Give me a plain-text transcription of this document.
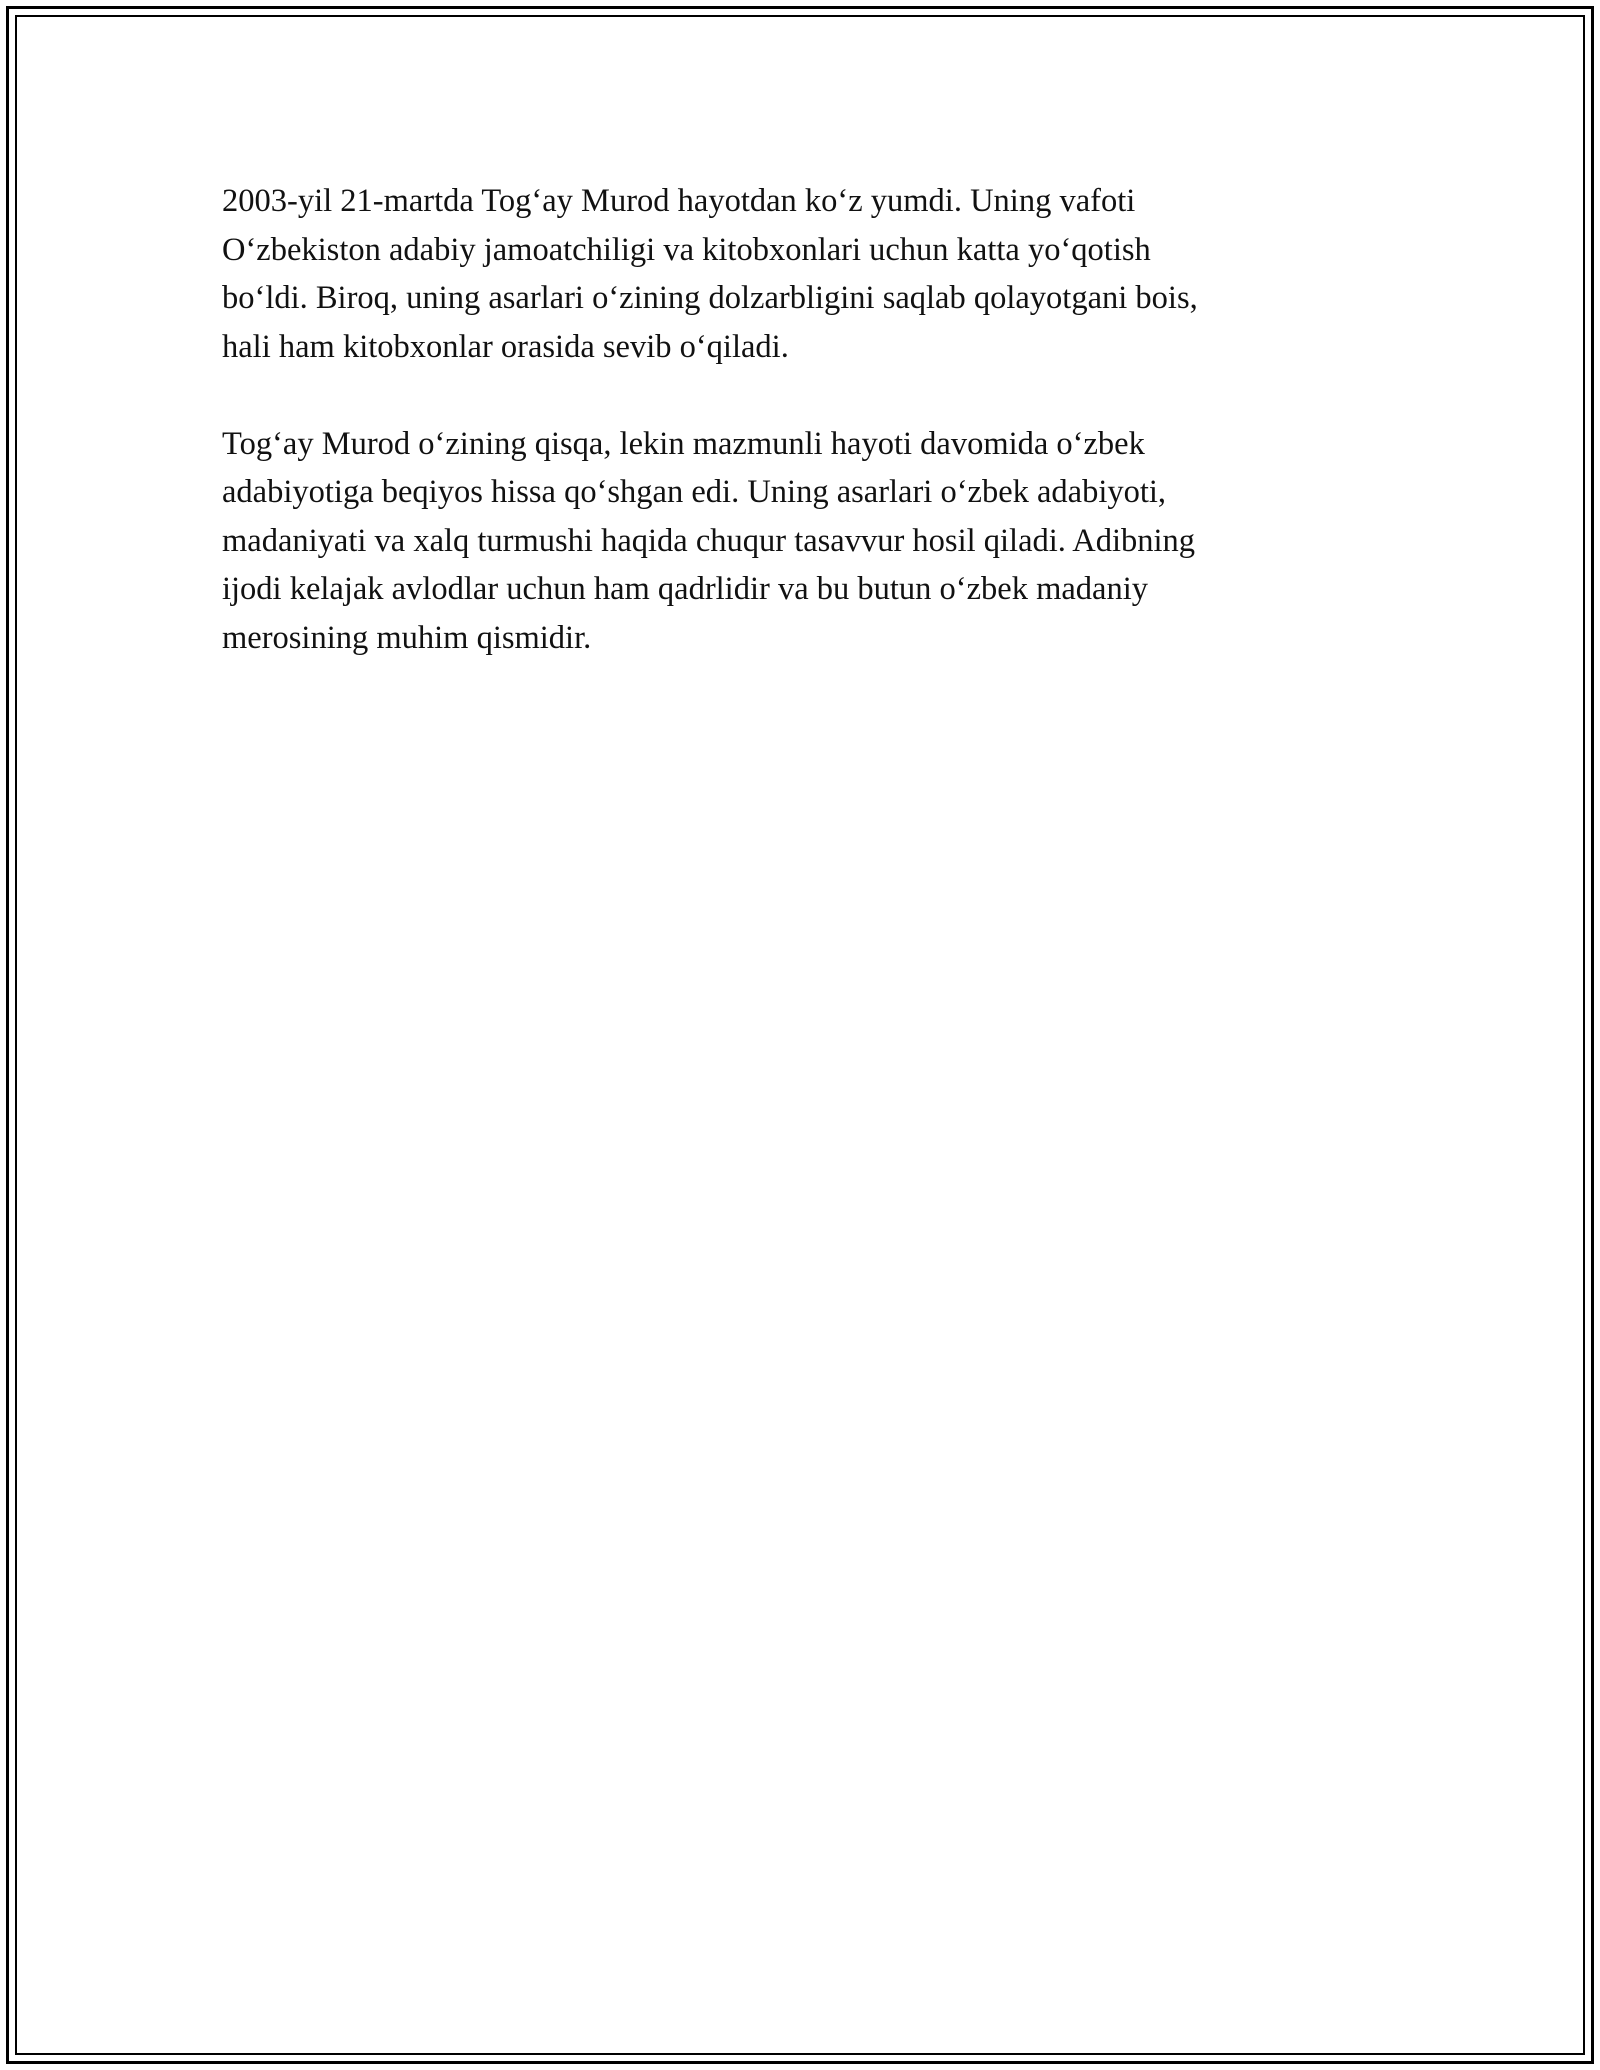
2003-yil 21-martda Tog‘ay Murod hayotdan ko‘z yumdi. Uning vafoti
O‘zbekiston adabiy jamoatchiligi va kitobxonlari uchun katta yo‘qotish
bo‘ldi. Biroq, uning asarlari o‘zining dolzarbligini saqlab qolayotgani bois,
hali ham kitobxonlar orasida sevib o‘qiladi.

Tog‘ay Murod o‘zining qisqa, lekin mazmunli hayoti davomida o‘zbek
adabiyotiga beqiyos hissa qo‘shgan edi. Uning asarlari o‘zbek adabiyoti,
madaniyati va xalq turmushi haqida chuqur tasavvur hosil qiladi. Adibning
ijodi kelajak avlodlar uchun ham qadrlidir va bu butun o‘zbek madaniy
merosining muhim qismidir.
